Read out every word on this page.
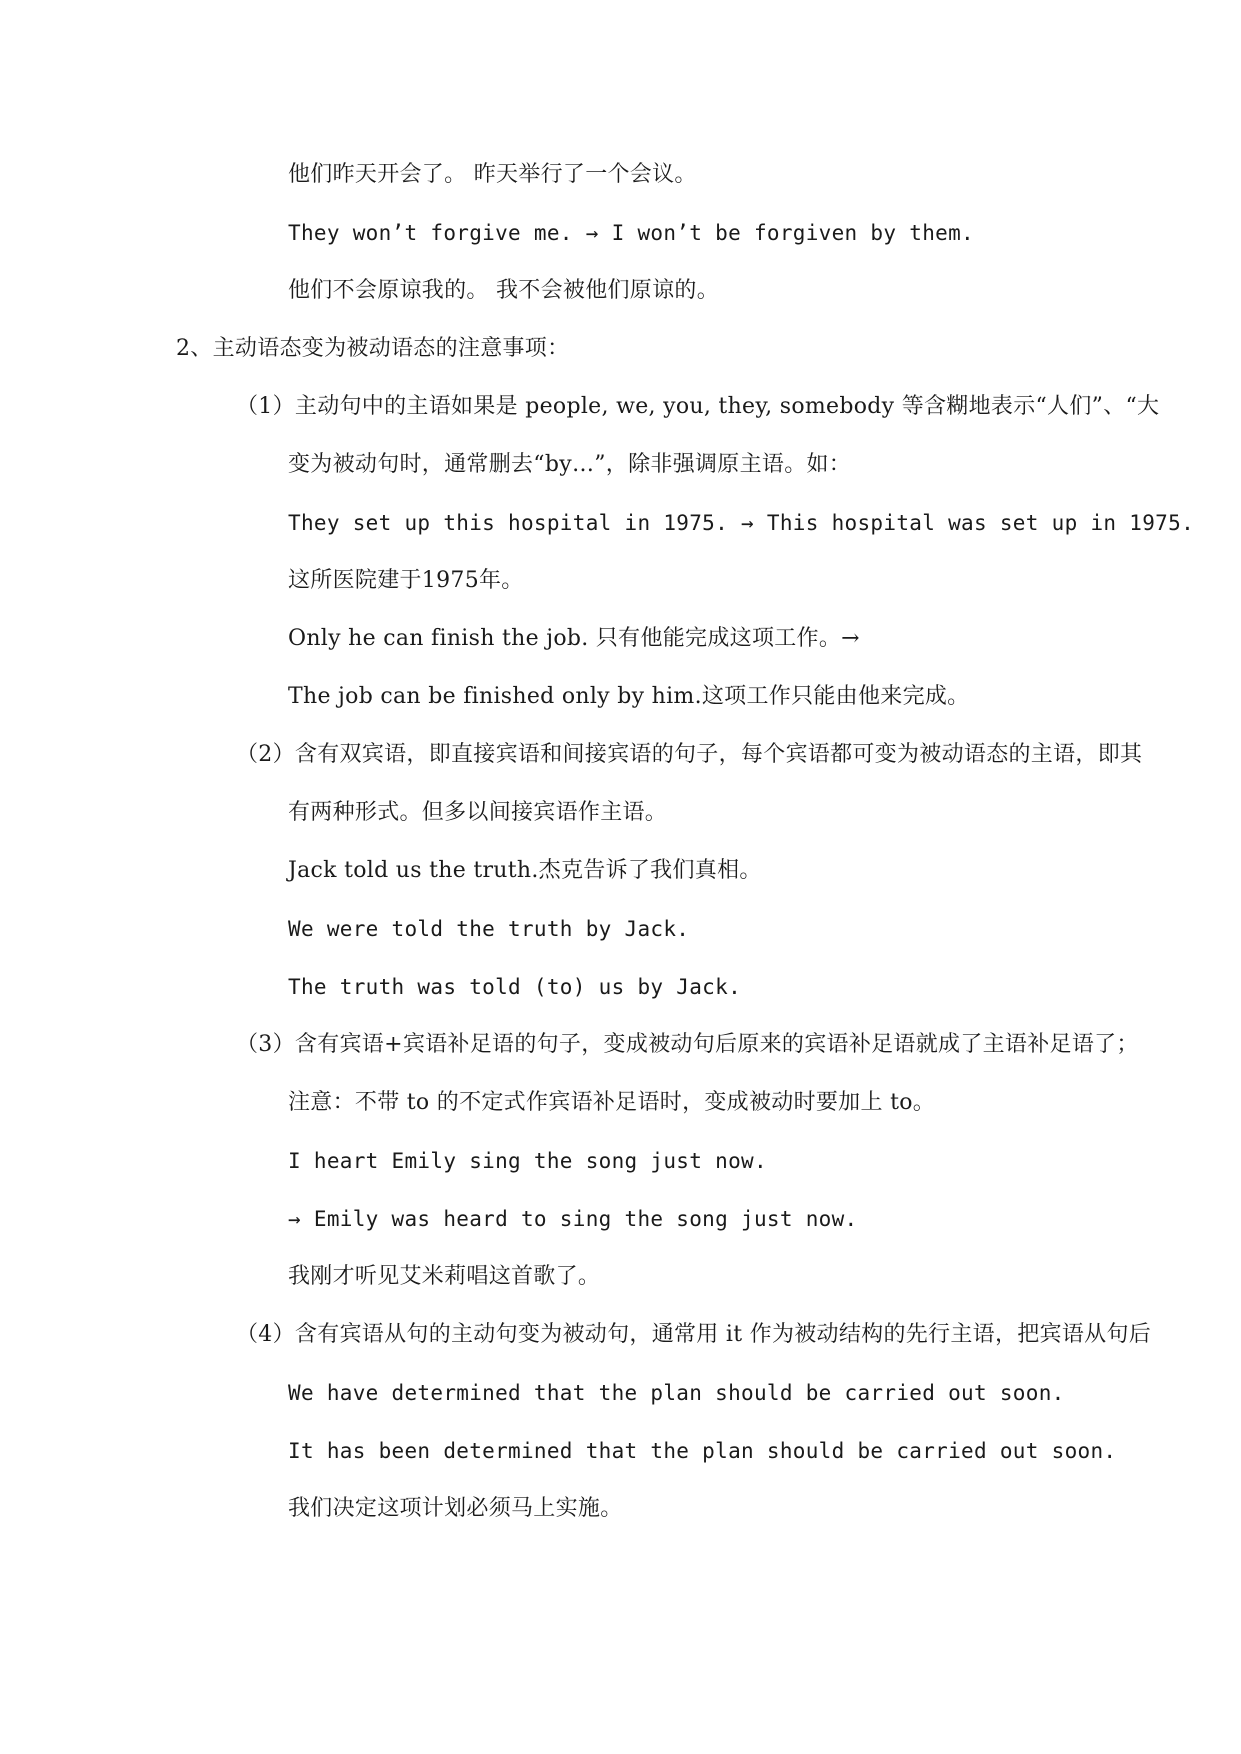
他们昨天开会了。 昨天举行了一个会议。
They won’t forgive me. → I won’t be forgiven by them.
他们不会原谅我的。 我不会被他们原谅的。
2、主动语态变为被动语态的注意事项：
（1）主动句中的主语如果是 people, we, you, they, somebody 等含糊地表示“人们”、“大
变为被动句时，通常删去“by…”，除非强调原主语。如：
They set up this hospital in 1975. → This hospital was set up in 1975.
这所医院建于1975年。
Only he can finish the job. 只有他能完成这项工作。→
The job can be finished only by him.这项工作只能由他来完成。
（2）含有双宾语，即直接宾语和间接宾语的句子，每个宾语都可变为被动语态的主语，即其
有两种形式。但多以间接宾语作主语。
Jack told us the truth.杰克告诉了我们真相。
We were told the truth by Jack.
The truth was told (to) us by Jack.
（3）含有宾语+宾语补足语的句子，变成被动句后原来的宾语补足语就成了主语补足语了；
注意：不带 to 的不定式作宾语补足语时，变成被动时要加上 to。
I heart Emily sing the song just now.
→ Emily was heard to sing the song just now.
我刚才听见艾米莉唱这首歌了。
（4）含有宾语从句的主动句变为被动句，通常用 it 作为被动结构的先行主语，把宾语从句后
We have determined that the plan should be carried out soon.
It has been determined that the plan should be carried out soon.
我们决定这项计划必须马上实施。
